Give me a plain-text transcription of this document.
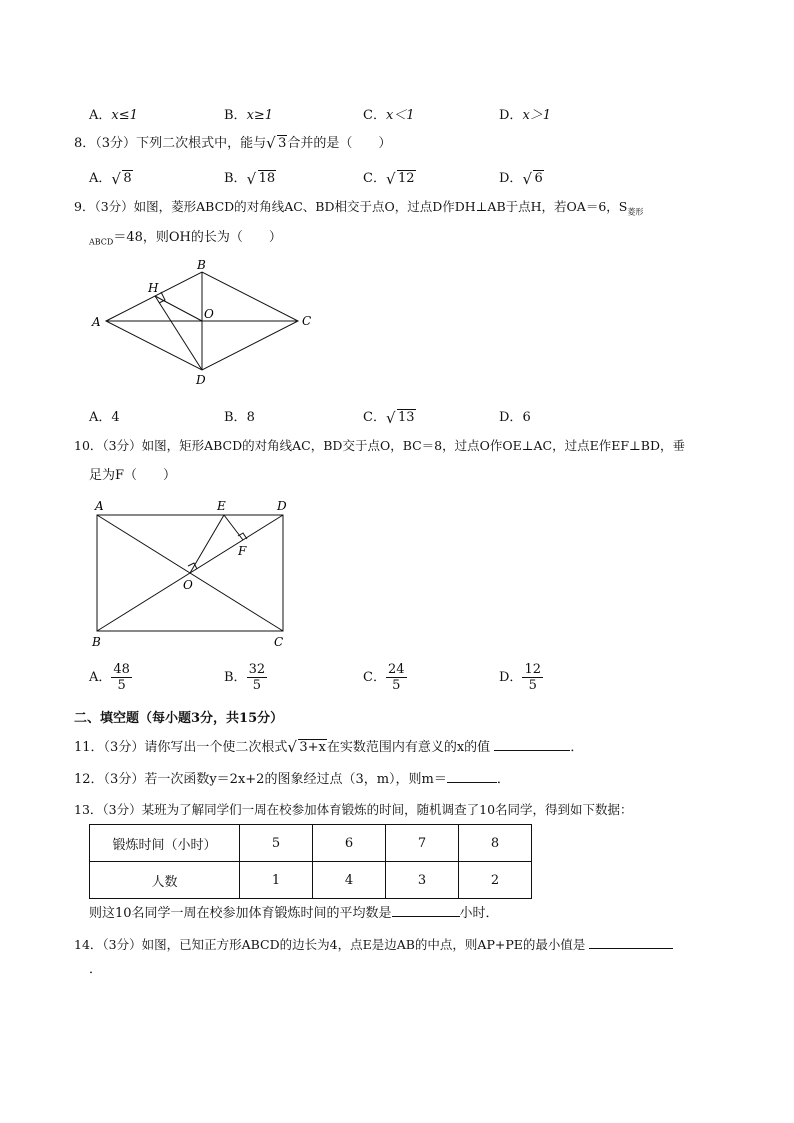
A．x≤1	B．x≥1	C．x＜1	D．x＞1
8．（3分）下列二次根式中，能与 √ 3合并的是（　　）
A． √ 8	B． √ 18	C． √ 12	D． √ 6
9．（3分）如图，菱形ABCD的对角线AC、BD相交于点O，过点D作DH⊥AB于点H，若OA＝6，$S_{菱形}$
$_{ABCD}$＝48，则OH的长为（　　）
A
B
C
D
H
O
A．4	B．8	C． √ 13	D．6
10．（3分）如图，矩形ABCD的对角线AC，BD交于点O，BC＝8，过点O作OE⊥AC，过点E作EF⊥BD，垂
足为F（　　）
A	E	D
F
O
B	C
A． $\frac{48}{5}$	B． $\frac{32}{5}$	C． $\frac{24}{5}$	D． $\frac{12}{5}$
二、填空题（每小题3分，共15分）
11．（3分）请你写出一个使二次根式 √ 3+x在实数范围内有意义的x的值	．
12．（3分）若一次函数y＝2x+2的图象经过点（3，m），则m＝	．
13．（3分）某班为了解同学们一周在校参加体育锻炼的时间，随机调查了10名同学，得到如下数据：
锻炼时间（小时）	5	6	7	8
人数	1	4	3	2
则这10名同学一周在校参加体育锻炼时间的平均数是	小时．
14．（3分）如图，已知正方形ABCD的边长为4，点E是边AB的中点，则AP+PE的最小值是
．
